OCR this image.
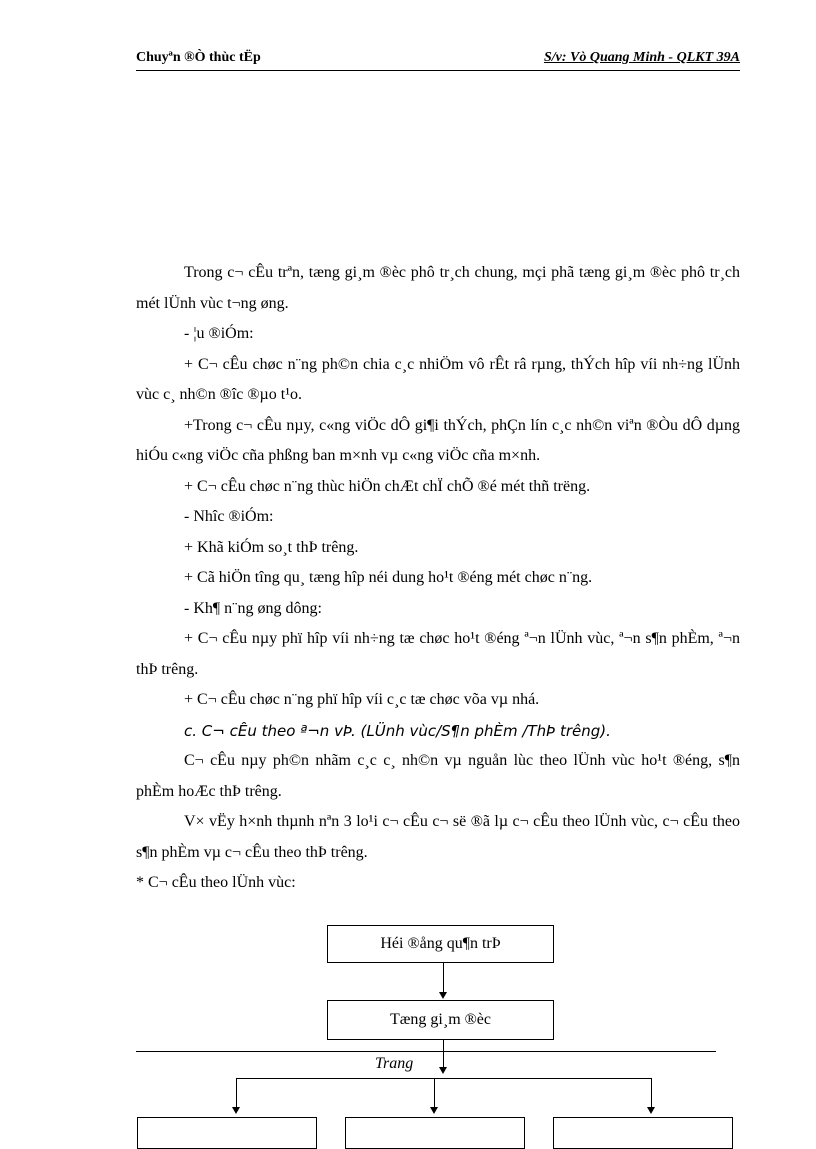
Chuyªn ®Ò thùc tËp	S/v: Vò Quang Minh - QLKT 39A

Trong c¬ cÊu trªn, tæng gi¸m ®èc phô tr¸ch chung, mçi phã tæng gi¸m ®èc phô tr¸ch mét lÜnh vùc t¬ng øng.

- ¦u ®iÓm:

+ C¬ cÊu chøc n¨ng ph©n chia c¸c nhiÖm vô rÊt râ rµng, thÝch hîp víi nh÷ng lÜnh vùc c¸ nh©n ®îc ®µo t¹o.

+Trong c¬ cÊu nµy, c«ng viÖc dÔ gi¶i thÝch, phÇn lín c¸c nh©n viªn ®Òu dÔ dµng hiÓu c«ng viÖc cña phßng ban m×nh vµ c«ng viÖc cña m×nh.

+ C¬ cÊu chøc n¨ng thùc hiÖn chÆt chÏ chÕ ®é mét thñ trëng.

- Nhîc ®iÓm:

+ Khã kiÓm so¸t thÞ trêng.

+ Cã hiÖn tîng qu¸ tæng hîp néi dung ho¹t ®éng mét chøc n¨ng.

- Kh¶ n¨ng øng dông:

+ C¬ cÊu nµy phï hîp víi nh÷ng tæ chøc ho¹t ®éng ª¬n lÜnh vùc, ª¬n s¶n phÈm, ª¬n thÞ trêng.

+ C¬ cÊu chøc n¨ng phï hîp víi c¸c tæ chøc võa vµ nhá.

c. C¬ cÊu theo ª¬n vÞ. (LÜnh vùc/S¶n phÈm /ThÞ trêng).

C¬ cÊu nµy ph©n nhãm c¸c c¸ nh©n vµ nguån lùc theo lÜnh vùc ho¹t ®éng, s¶n phÈm hoÆc thÞ trêng.

V× vËy h×nh thµnh nªn 3 lo¹i c¬ cÊu c¬ së ®ã lµ c¬ cÊu theo lÜnh vùc, c¬ cÊu theo s¶n phÈm vµ c¬ cÊu theo thÞ trêng.

* C¬ cÊu theo lÜnh vùc:

Héi ®ång qu¶n trÞ
Tæng gi¸m ®èc
Trang
